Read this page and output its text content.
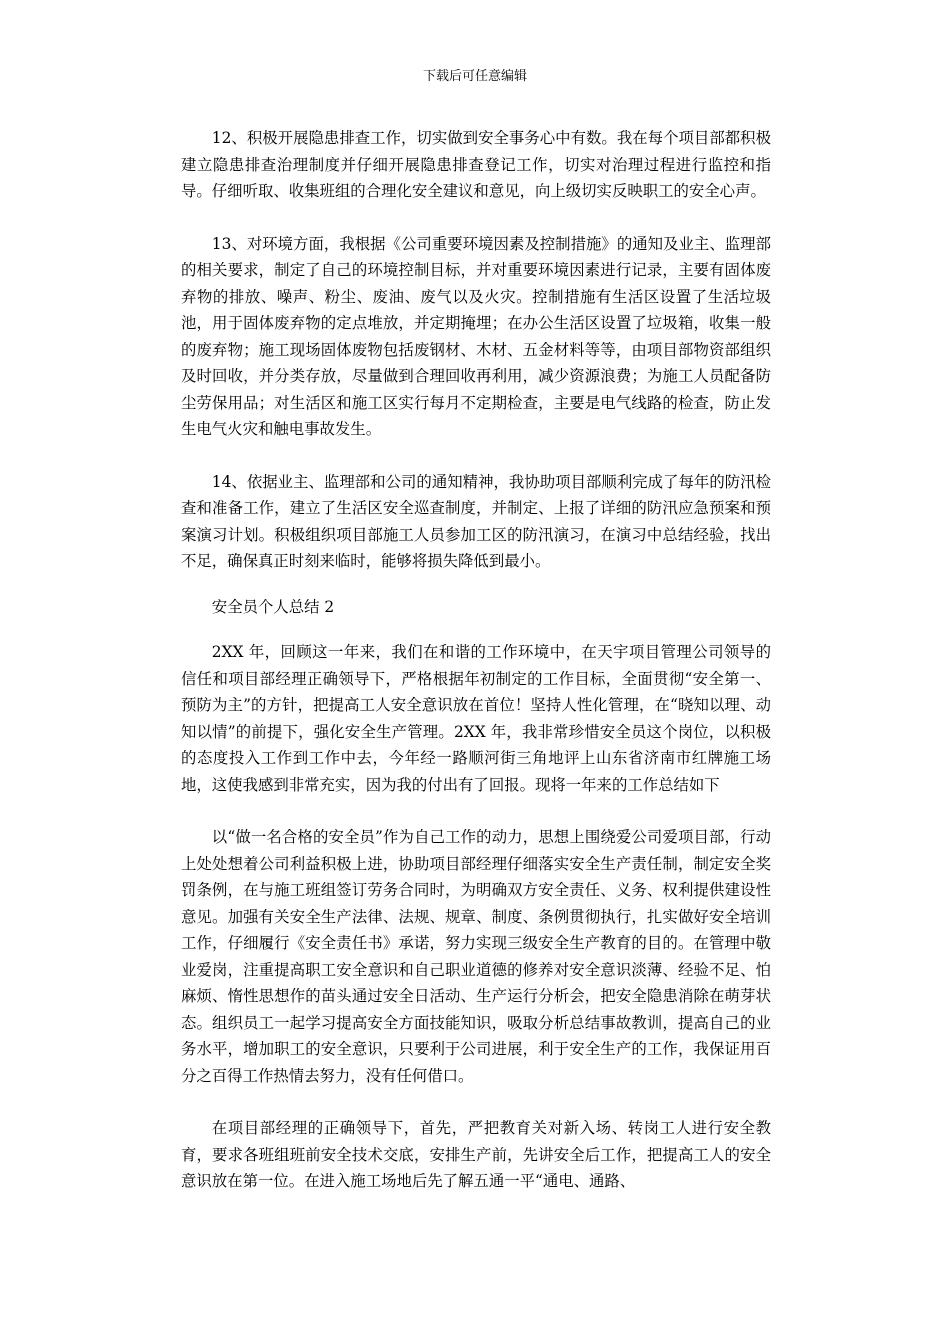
下载后可任意编辑

12、积极开展隐患排查工作，切实做到安全事务心中有数。我在每个项目部都积极建立隐患排查治理制度并仔细开展隐患排查登记工作，切实对治理过程进行监控和指导。仔细听取、收集班组的合理化安全建议和意见，向上级切实反映职工的安全心声。

13、对环境方面，我根据《公司重要环境因素及控制措施》的通知及业主、监理部的相关要求，制定了自己的环境控制目标，并对重要环境因素进行记录，主要有固体废弃物的排放、噪声、粉尘、废油、废气以及火灾。控制措施有生活区设置了生活垃圾池，用于固体废弃物的定点堆放，并定期掩埋；在办公生活区设置了垃圾箱，收集一般的废弃物；施工现场固体废物包括废钢材、木材、五金材料等等，由项目部物资部组织及时回收，并分类存放，尽量做到合理回收再利用，减少资源浪费；为施工人员配备防尘劳保用品；对生活区和施工区实行每月不定期检查，主要是电气线路的检查，防止发生电气火灾和触电事故发生。

14、依据业主、监理部和公司的通知精神，我协助项目部顺利完成了每年的防汛检查和准备工作，建立了生活区安全巡查制度，并制定、上报了详细的防汛应急预案和预案演习计划。积极组织项目部施工人员参加工区的防汛演习，在演习中总结经验，找出不足，确保真正时刻来临时，能够将损失降低到最小。

安全员个人总结 2

2XX 年，回顾这一年来，我们在和谐的工作环境中，在天宇项目管理公司领导的信任和项目部经理正确领导下，严格根据年初制定的工作目标，全面贯彻“安全第一、预防为主”的方针，把提高工人安全意识放在首位！坚持人性化管理，在“晓知以理、动知以情”的前提下，强化安全生产管理。2XX 年，我非常珍惜安全员这个岗位，以积极的态度投入工作到工作中去，今年经一路顺河街三角地评上山东省济南市红牌施工场地，这使我感到非常充实，因为我的付出有了回报。现将一年来的工作总结如下

以“做一名合格的安全员”作为自己工作的动力，思想上围绕爱公司爱项目部，行动上处处想着公司利益积极上进，协助项目部经理仔细落实安全生产责任制，制定安全奖罚条例，在与施工班组签订劳务合同时，为明确双方安全责任、义务、权利提供建设性意见。加强有关安全生产法律、法规、规章、制度、条例贯彻执行，扎实做好安全培训工作，仔细履行《安全责任书》承诺，努力实现三级安全生产教育的目的。在管理中敬业爱岗，注重提高职工安全意识和自己职业道德的修养对安全意识淡薄、经验不足、怕麻烦、惰性思想作的苗头通过安全日活动、生产运行分析会，把安全隐患消除在萌芽状态。组织员工一起学习提高安全方面技能知识，吸取分析总结事故教训，提高自己的业务水平，增加职工的安全意识，只要利于公司进展，利于安全生产的工作，我保证用百分之百得工作热情去努力，没有任何借口。

在项目部经理的正确领导下，首先，严把教育关对新入场、转岗工人进行安全教育，要求各班组班前安全技术交底，安排生产前，先讲安全后工作，把提高工人的安全意识放在第一位。在进入施工场地后先了解五通一平“通电、通路、
